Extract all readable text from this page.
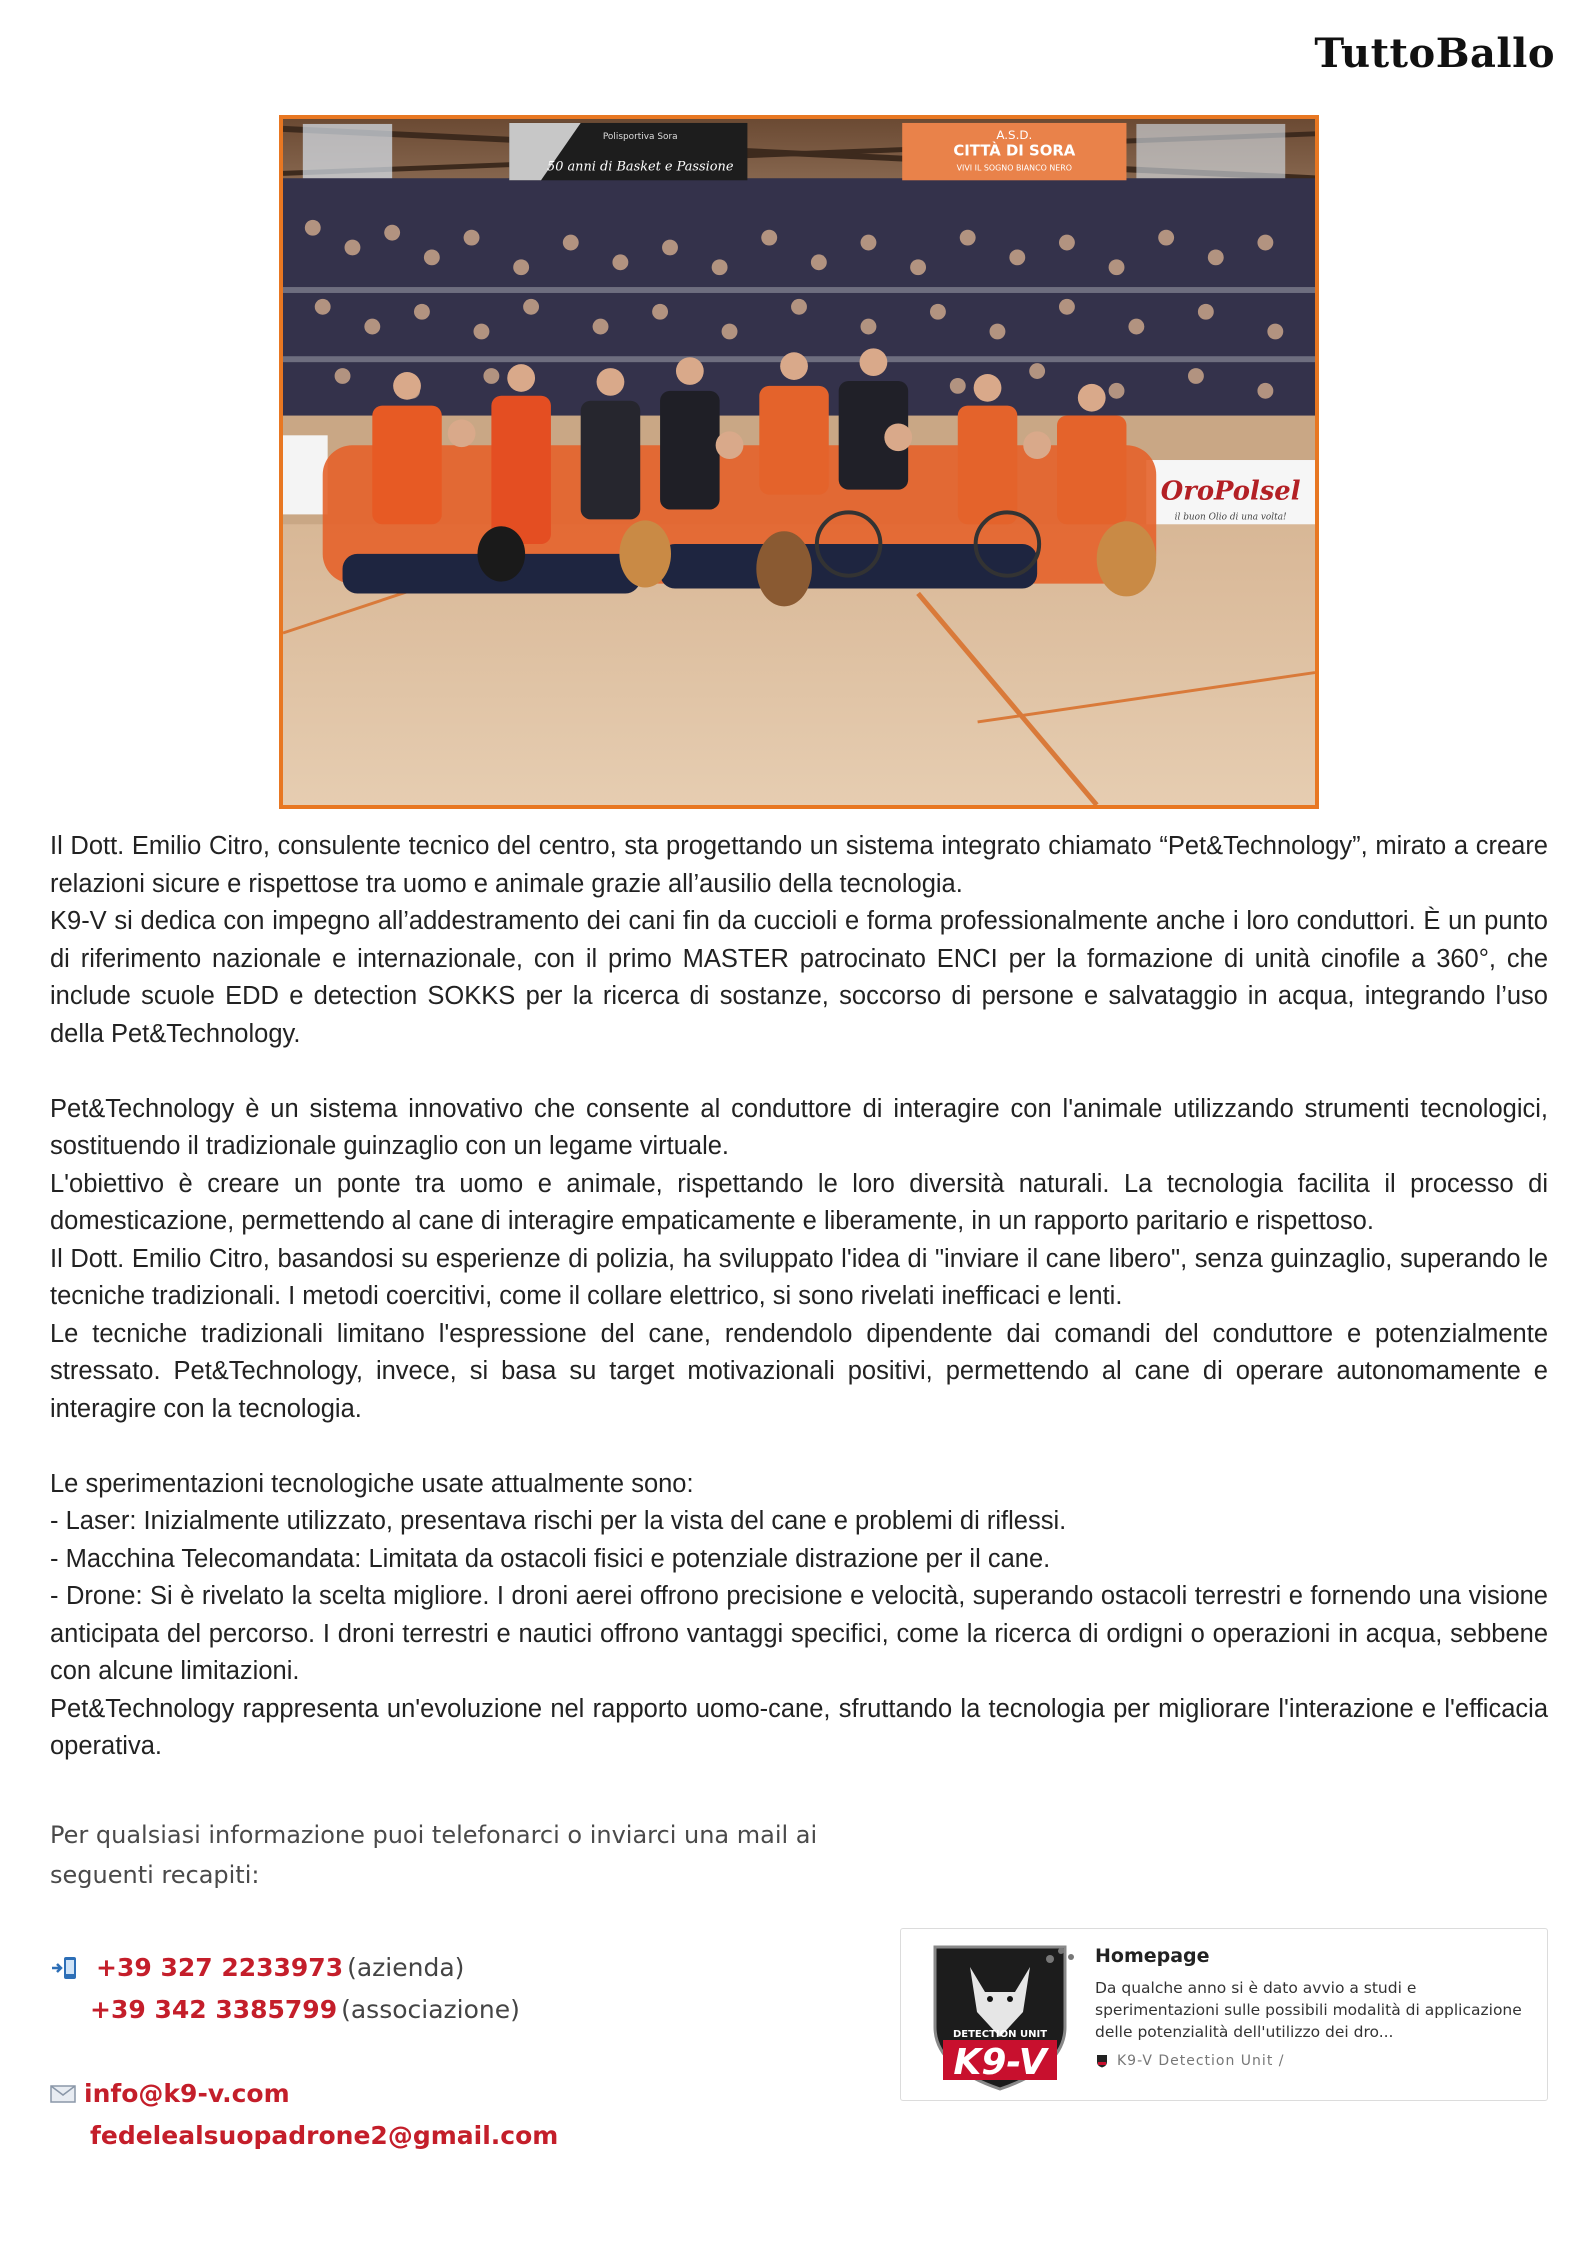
TuttoBallo
Polisportiva Sora
50 anni di Basket e Passione
A.S.D.
CITTÀ DI SORA
VIVI IL SOGNO BIANCO NERO
OroPolsel
il buon Olio di una volta!

Il Dott. Emilio Citro, consulente tecnico del centro, sta progettando un sistema integrato chiamato “Pet&Technology”, mirato a creare relazioni sicure e rispettose tra uomo e animale grazie all’ausilio della tecnologia.

K9-V si dedica con impegno all’addestramento dei cani fin da cuccioli e forma professionalmente anche i loro conduttori. È un punto di riferimento nazionale e internazionale, con il primo MASTER patrocinato ENCI per la formazione di unità cinofile a 360°, che include scuole EDD e detection SOKKS per la ricerca di sostanze, soccorso di persone e salvataggio in acqua, integrando l’uso della Pet&Technology.

Pet&Technology è un sistema innovativo che consente al conduttore di interagire con l'animale utilizzando strumenti tecnologici, sostituendo il tradizionale guinzaglio con un legame virtuale.

L'obiettivo è creare un ponte tra uomo e animale, rispettando le loro diversità naturali. La tecnologia facilita il processo di domesticazione, permettendo al cane di interagire empaticamente e liberamente, in un rapporto paritario e rispettoso.

Il Dott. Emilio Citro, basandosi su esperienze di polizia, ha sviluppato l'idea di "inviare il cane libero", senza guinzaglio, superando le tecniche tradizionali. I metodi coercitivi, come il collare elettrico, si sono rivelati inefficaci e lenti.

Le tecniche tradizionali limitano l'espressione del cane, rendendolo dipendente dai comandi del conduttore e potenzialmente stressato. Pet&Technology, invece, si basa su target motivazionali positivi, permettendo al cane di operare autonomamente e interagire con la tecnologia.

Le sperimentazioni tecnologiche usate attualmente sono:

- Laser: Inizialmente utilizzato, presentava rischi per la vista del cane e problemi di riflessi.

- Macchina Telecomandata: Limitata da ostacoli fisici e potenziale distrazione per il cane.

- Drone: Si è rivelato la scelta migliore. I droni aerei offrono precisione e velocità, superando ostacoli terrestri e fornendo una visione anticipata del percorso. I droni terrestri e nautici offrono vantaggi specifici, come la ricerca di ordigni o operazioni in acqua, sebbene con alcune limitazioni.

Pet&Technology rappresenta un'evoluzione nel rapporto uomo-cane, sfruttando la tecnologia per migliorare l'interazione e l'efficacia operativa.

Per qualsiasi informazione puoi telefonarci o inviarci una mail ai seguenti recapiti:
+39 327 2233973 (azienda)
+39 342 3385799 (associazione)
info@k9-v.com
fedelealsuopadrone2@gmail.com
DETECTION UNIT
K9-V
Homepage
Da qualche anno si è dato avvio a studi e sperimentazioni sulle possibili modalità di applicazione delle potenzialità dell'utilizzo dei dro...
K9-V Detection Unit /
